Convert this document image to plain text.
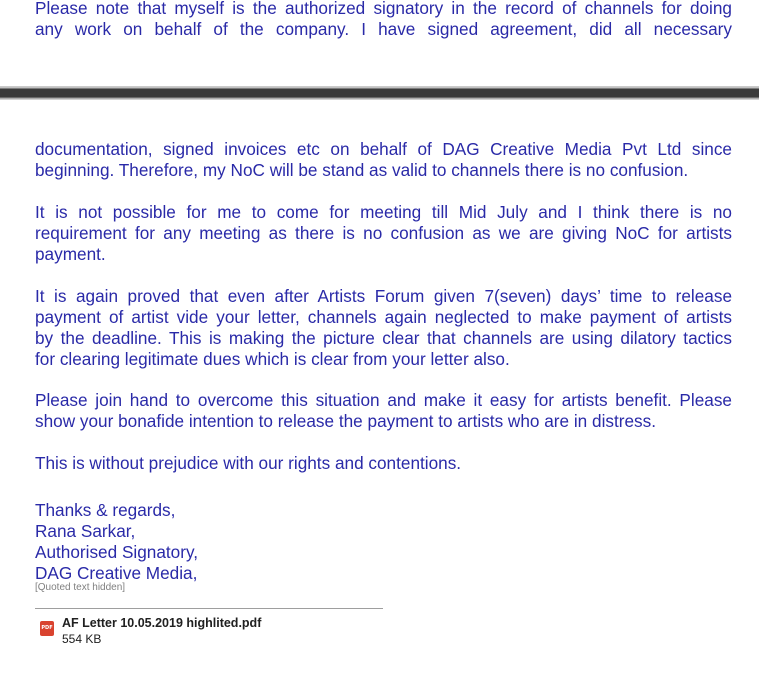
Please note that myself is the authorized signatory in the record of channels for doing
any work on behalf of the company. I have signed agreement, did all necessary
documentation, signed invoices etc on behalf of DAG Creative Media Pvt Ltd since
beginning. Therefore, my NoC will be stand as valid to channels there is no confusion.
It is not possible for me to come for meeting till Mid July and I think there is no
requirement for any meeting as there is no confusion as we are giving NoC for artists
payment.
It is again proved that even after Artists Forum given 7(seven) days’ time to release
payment of artist vide your letter, channels again neglected to make payment of artists
by the deadline. This is making the picture clear that channels are using dilatory tactics
for clearing legitimate dues which is clear from your letter also.
Please join hand to overcome this situation and make it easy for artists benefit. Please
show your bonafide intention to release the payment to artists who are in distress.
This is without prejudice with our rights and contentions.
Thanks & regards,
Rana Sarkar,
Authorised Signatory,
DAG Creative Media,
[Quoted text hidden]
PDF AF Letter 10.05.2019 highlited.pdf
554 KB
